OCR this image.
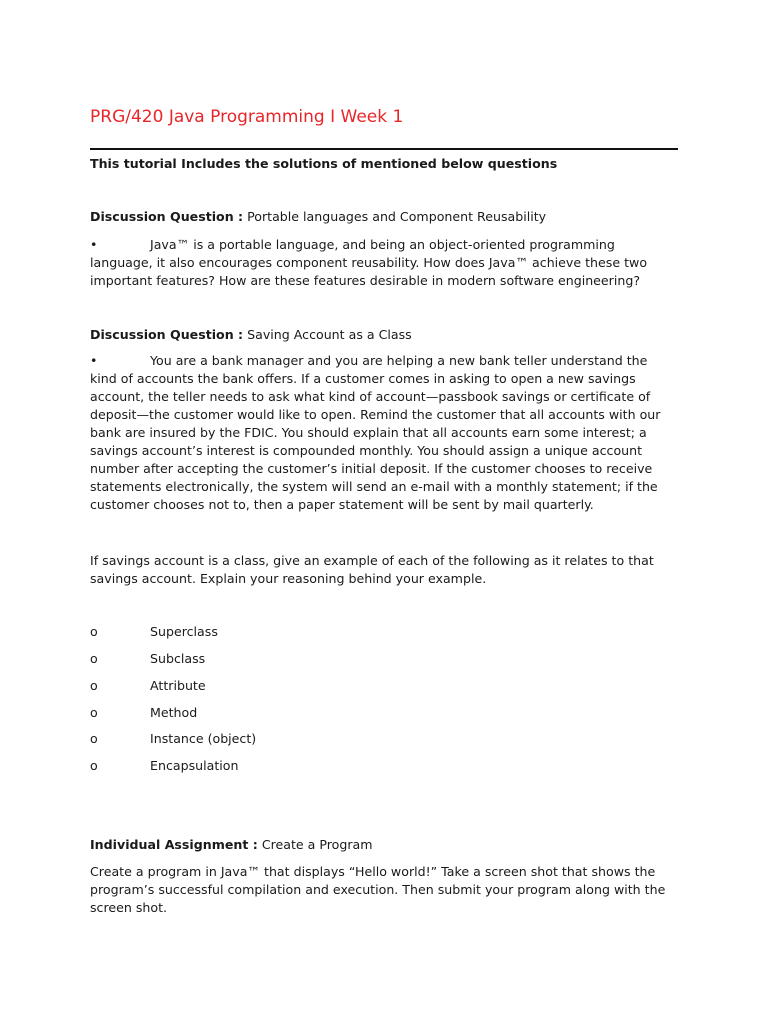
PRG/420 Java Programming I Week 1
This tutorial Includes the solutions of mentioned below questions
Discussion Question : Portable languages and Component Reusability
•	Java™ is a portable language, and being an object-oriented programming language, it also encourages component reusability. How does Java™ achieve these two important features? How are these features desirable in modern software engineering?
Discussion Question : Saving Account as a Class
•	You are a bank manager and you are helping a new bank teller understand the kind of accounts the bank offers. If a customer comes in asking to open a new savings account, the teller needs to ask what kind of account—passbook savings or certificate of deposit—the customer would like to open. Remind the customer that all accounts with our bank are insured by the FDIC. You should explain that all accounts earn some interest; a savings account’s interest is compounded monthly. You should assign a unique account number after accepting the customer’s initial deposit. If the customer chooses to receive statements electronically, the system will send an e-mail with a monthly statement; if the customer chooses not to, then a paper statement will be sent by mail quarterly.
If savings account is a class, give an example of each of the following as it relates to that savings account. Explain your reasoning behind your example.
o	Superclass
o	Subclass
o	Attribute
o	Method
o	Instance (object)
o	Encapsulation
Individual Assignment : Create a Program
Create a program in Java™ that displays “Hello world!” Take a screen shot that shows the program’s successful compilation and execution. Then submit your program along with the screen shot.
